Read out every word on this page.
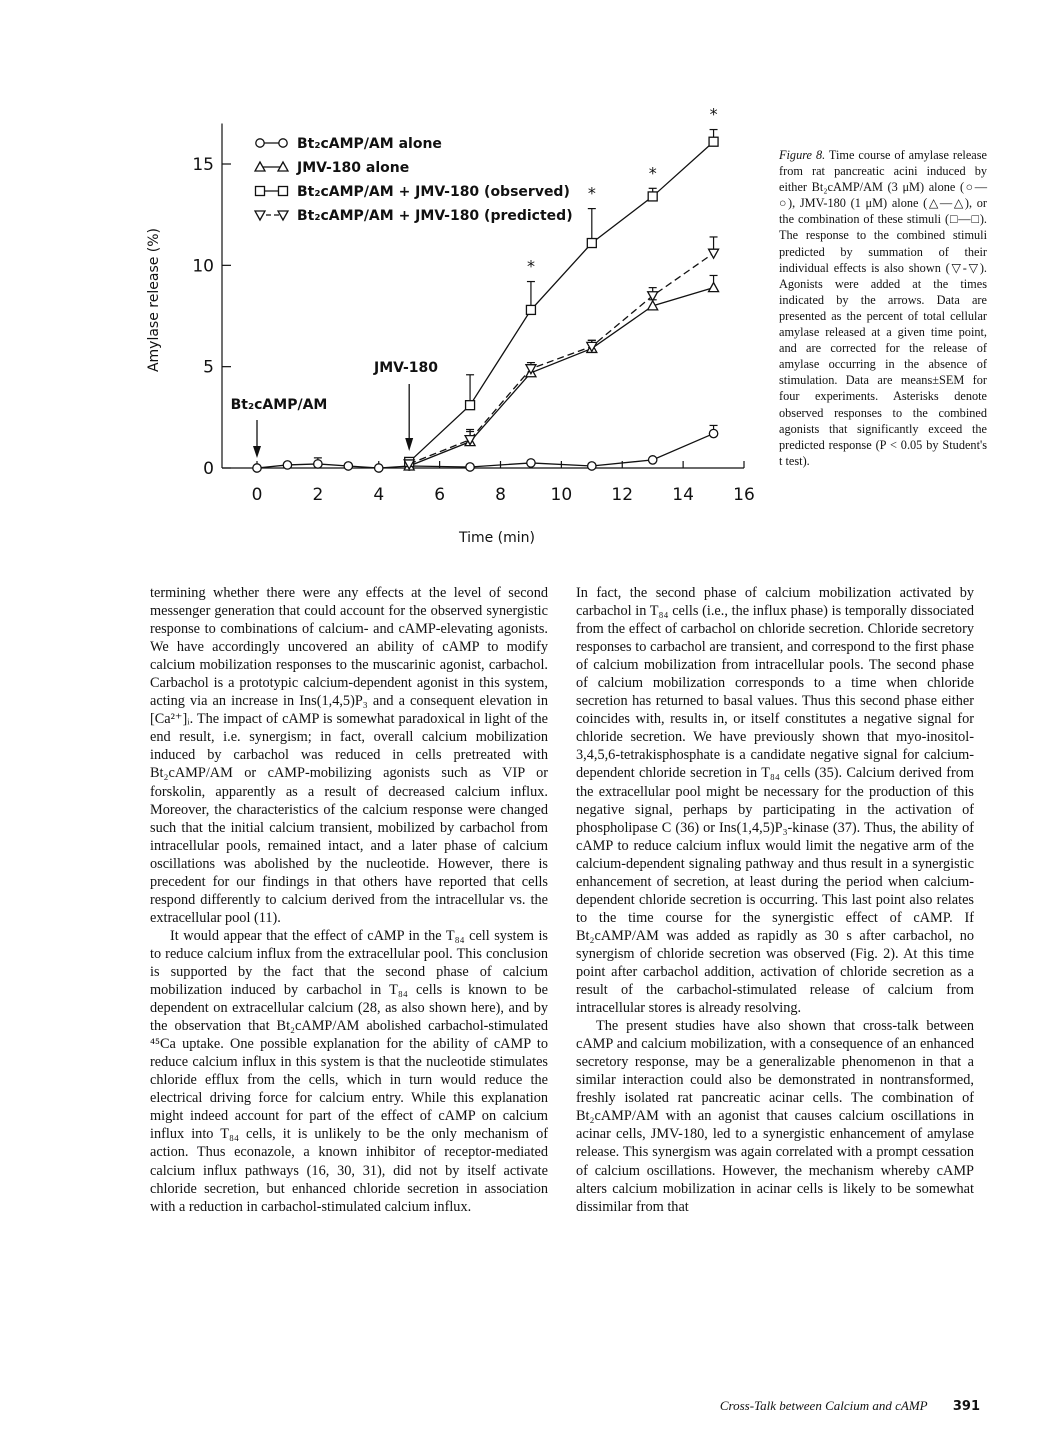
0
5
10
15
0	2	4	6	8	10 12 14 16
Time (min)
Amylase release (%)
Bt₂cAMP/AM alone
JMV-180 alone
Bt₂cAMP/AM + JMV-180 (observed)
Bt₂cAMP/AM + JMV-180 (predicted)
*
*
*
*
Bt₂cAMP/AM
JMV-180
Figure 8. Time course of amylase release from rat pancreatic acini induced by either Bt₂cAMP/AM (3 μM) alone (○—○), JMV-180 (1 μM) alone (△—△), or the combination of these stimuli (□—□). The response to the combined stimuli predicted by summation of their individual effects is also shown (▽-▽). Agonists were added at the times indicated by the arrows. Data are presented as the percent of total cellular amylase released at a given time point, and are corrected for the release of amylase occurring in the absence of stimulation. Data are means±SEM for four experiments. Asterisks denote observed responses to the combined agonists that significantly exceed the predicted response (P < 0.05 by Student's t test).

termining whether there were any effects at the level of second messenger generation that could account for the observed synergistic response to combinations of calcium- and cAMP-elevating agonists. We have accordingly uncovered an ability of cAMP to modify calcium mobilization responses to the muscarinic agonist, carbachol. Carbachol is a prototypic calcium-dependent agonist in this system, acting via an increase in Ins(1,4,5)P₃ and a consequent elevation in [Ca²⁺]ᵢ. The impact of cAMP is somewhat paradoxical in light of the end result, i.e. synergism; in fact, overall calcium mobilization induced by carbachol was reduced in cells pretreated with Bt₂cAMP/AM or cAMP-mobilizing agonists such as VIP or forskolin, apparently as a result of decreased calcium influx. Moreover, the characteristics of the calcium response were changed such that the initial calcium transient, mobilized by carbachol from intracellular pools, remained intact, and a later phase of calcium oscillations was abolished by the nucleotide. However, there is precedent for our findings in that others have reported that cells respond differently to calcium derived from the intracellular vs. the extracellular pool (11).

It would appear that the effect of cAMP in the T₈₄ cell system is to reduce calcium influx from the extracellular pool. This conclusion is supported by the fact that the second phase of calcium mobilization induced by carbachol in T₈₄ cells is known to be dependent on extracellular calcium (28, as also shown here), and by the observation that Bt₂cAMP/AM abolished carbachol-stimulated ⁴⁵Ca uptake. One possible explanation for the ability of cAMP to reduce calcium influx in this system is that the nucleotide stimulates chloride efflux from the cells, which in turn would reduce the electrical driving force for calcium entry. While this explanation might indeed account for part of the effect of cAMP on calcium influx into T₈₄ cells, it is unlikely to be the only mechanism of action. Thus econazole, a known inhibitor of receptor-mediated calcium influx pathways (16, 30, 31), did not by itself activate chloride secretion, but enhanced chloride secretion in association with a reduction in carbachol-stimulated calcium influx.

In fact, the second phase of calcium mobilization activated by carbachol in T₈₄ cells (i.e., the influx phase) is temporally dissociated from the effect of carbachol on chloride secretion. Chloride secretory responses to carbachol are transient, and correspond to the first phase of calcium mobilization from intracellular pools. The second phase of calcium mobilization corresponds to a time when chloride secretion has returned to basal values. Thus this second phase either coincides with, results in, or itself constitutes a negative signal for chloride secretion. We have previously shown that myo-inositol-3,4,5,6-tetrakisphosphate is a candidate negative signal for calcium-dependent chloride secretion in T₈₄ cells (35). Calcium derived from the extracellular pool might be necessary for the production of this negative signal, perhaps by participating in the activation of phospholipase C (36) or Ins(1,4,5)P₃-kinase (37). Thus, the ability of cAMP to reduce calcium influx would limit the negative arm of the calcium-dependent signaling pathway and thus result in a synergistic enhancement of secretion, at least during the period when calcium-dependent chloride secretion is occurring. This last point also relates to the time course for the synergistic effect of cAMP. If Bt₂cAMP/AM was added as rapidly as 30 s after carbachol, no synergism of chloride secretion was observed (Fig. 2). At this time point after carbachol addition, activation of chloride secretion as a result of the carbachol-stimulated release of calcium from intracellular stores is already resolving.

The present studies have also shown that cross-talk between cAMP and calcium mobilization, with a consequence of an enhanced secretory response, may be a generalizable phenomenon in that a similar interaction could also be demonstrated in nontransformed, freshly isolated rat pancreatic acinar cells. The combination of Bt₂cAMP/AM with an agonist that causes calcium oscillations in acinar cells, JMV-180, led to a synergistic enhancement of amylase release. This synergism was again correlated with a prompt cessation of calcium oscillations. However, the mechanism whereby cAMP alters calcium mobilization in acinar cells is likely to be somewhat dissimilar from that

Cross-Talk between Calcium and cAMP 391
